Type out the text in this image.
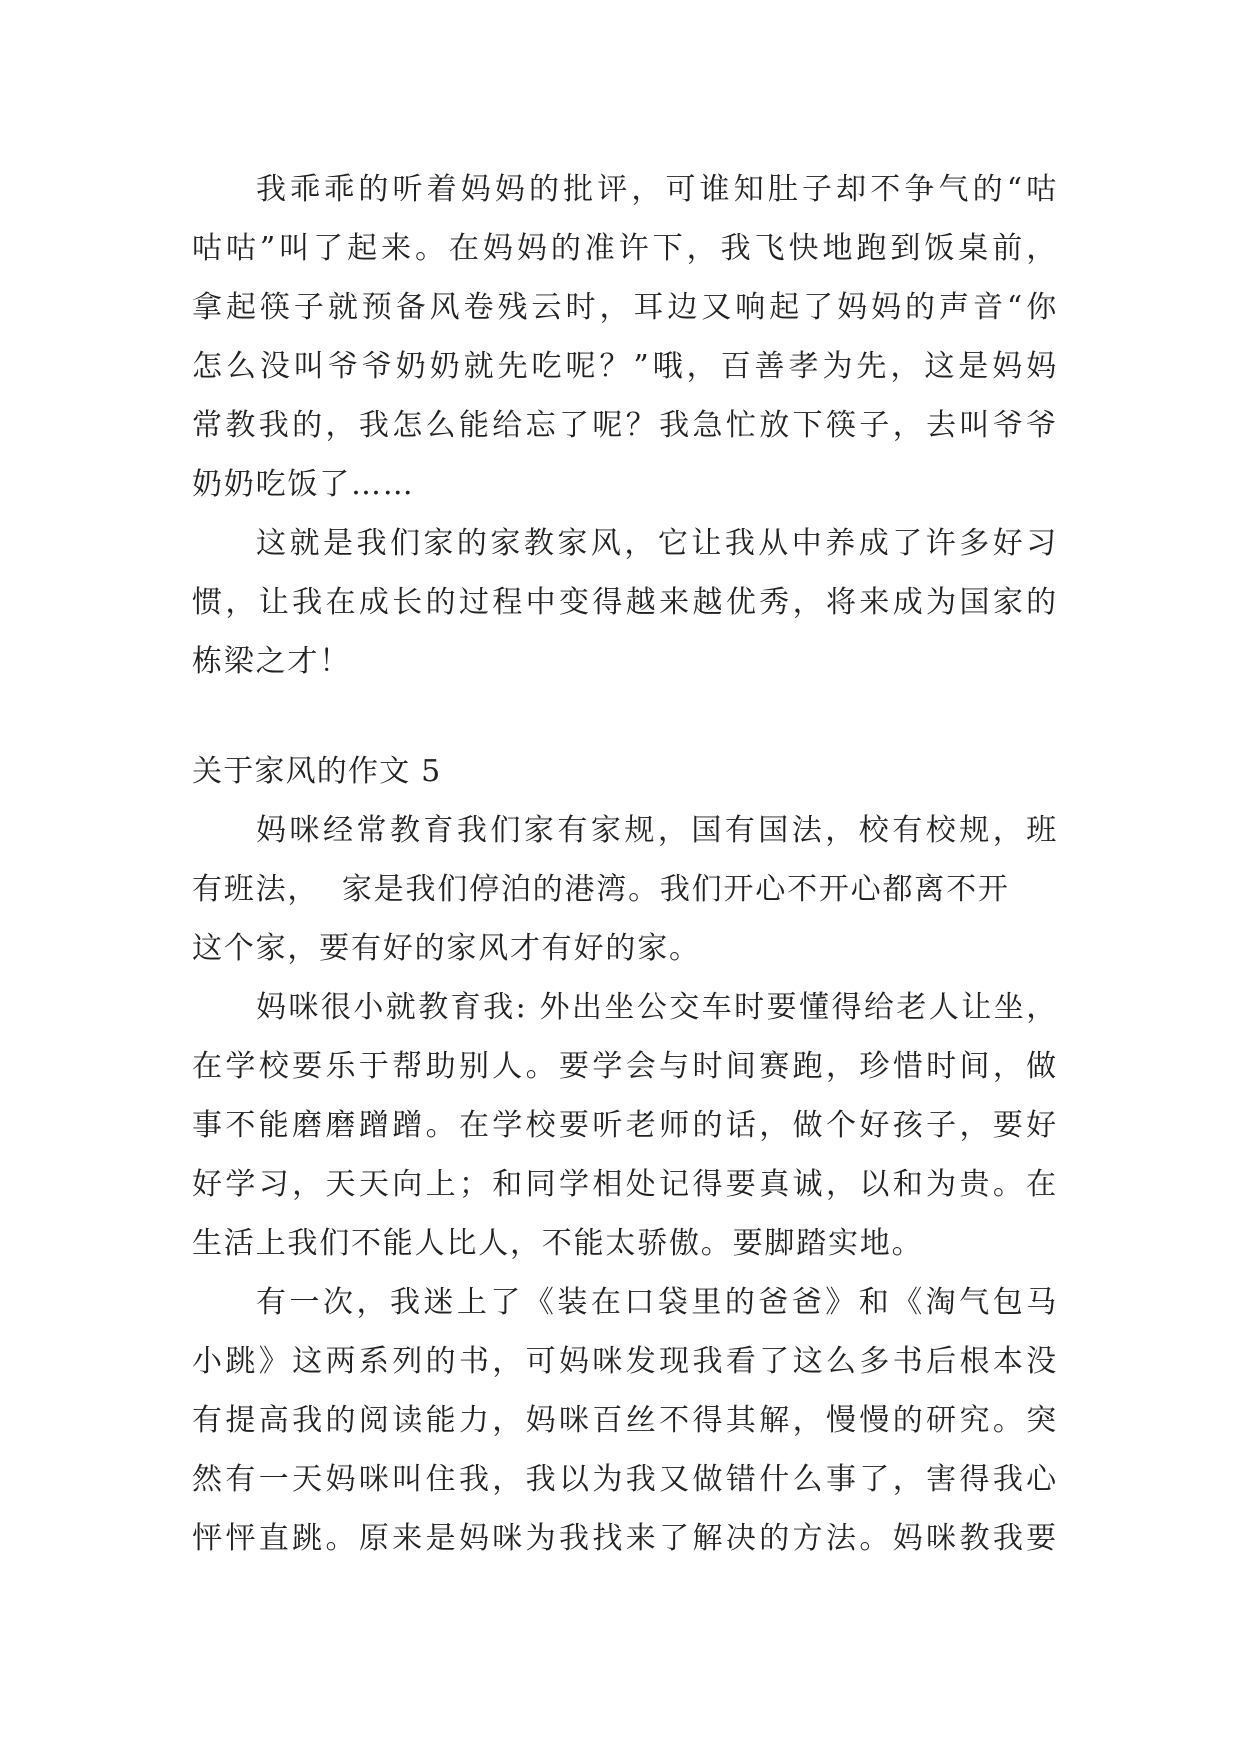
我乖乖的听着妈妈的批评，可谁知肚子却不争气的“咕
咕咕”叫了起来。在妈妈的准许下，我飞快地跑到饭桌前，
拿起筷子就预备风卷残云时，耳边又响起了妈妈的声音“你
怎么没叫爷爷奶奶就先吃呢？”哦，百善孝为先，这是妈妈
常教我的，我怎么能给忘了呢？我急忙放下筷子，去叫爷爷
奶奶吃饭了……
这就是我们家的家教家风，它让我从中养成了许多好习
惯，让我在成长的过程中变得越来越优秀，将来成为国家的
栋梁之才！
关于家风的作文 5
妈咪经常教育我们家有家规，国有国法，校有校规，班
有班法，  家是我们停泊的港湾。我们开心不开心都离不开
这个家，要有好的家风才有好的家。
妈咪很小就教育我: 外出坐公交车时要懂得给老人让坐，
在学校要乐于帮助别人。要学会与时间赛跑，珍惜时间，做
事不能磨磨蹭蹭。在学校要听老师的话，做个好孩子，要好
好学习，天天向上；和同学相处记得要真诚，以和为贵。在
生活上我们不能人比人，不能太骄傲。要脚踏实地。
有一次，我迷上了《装在口袋里的爸爸》和《淘气包马
小跳》这两系列的书，可妈咪发现我看了这么多书后根本没
有提高我的阅读能力，妈咪百丝不得其解，慢慢的研究。突
然有一天妈咪叫住我，我以为我又做错什么事了，害得我心
怦怦直跳。原来是妈咪为我找来了解决的方法。妈咪教我要
